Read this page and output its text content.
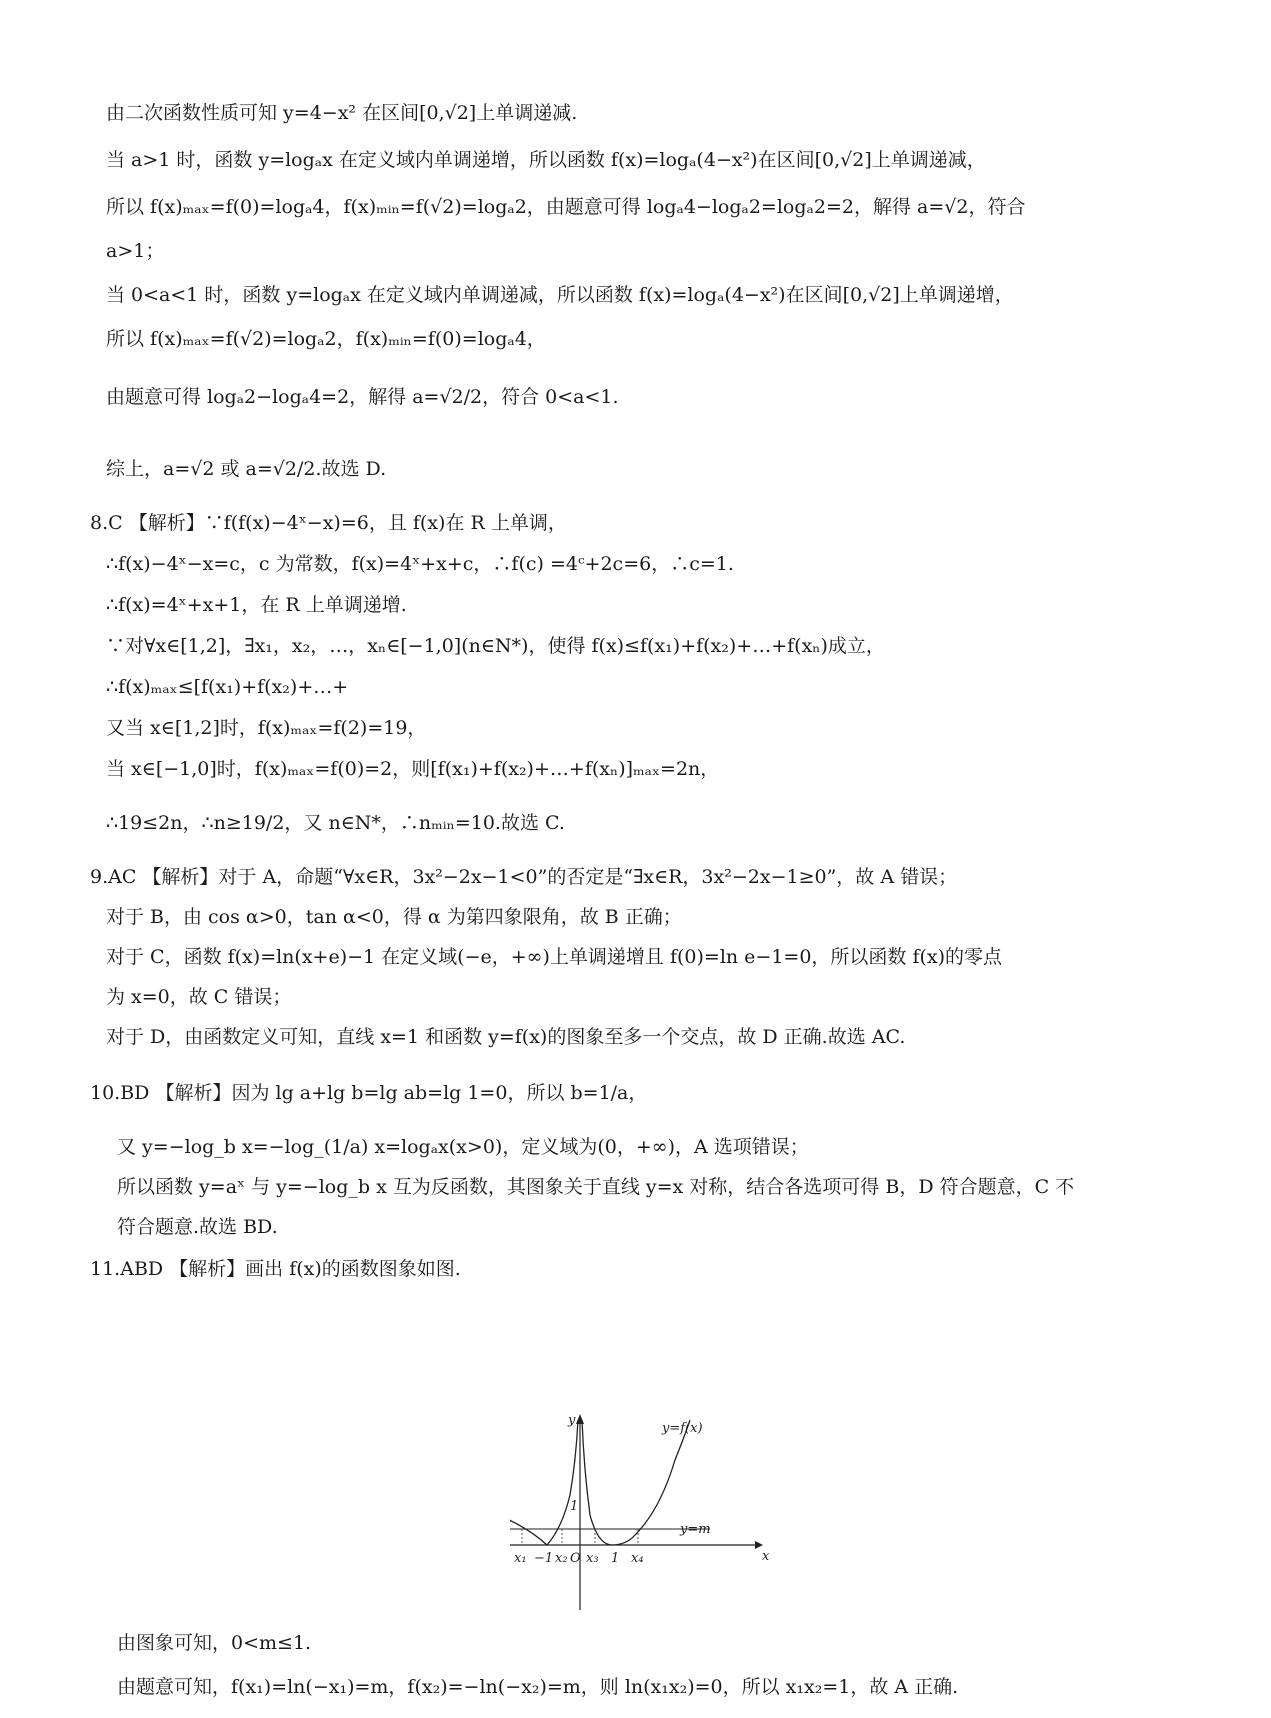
由二次函数性质可知 y=4−x² 在区间[0,√2]上单调递减.
当 a>1 时，函数 y=logₐx 在定义域内单调递增，所以函数 f(x)=logₐ(4−x²)在区间[0,√2]上单调递减，
所以 f(x)ₘₐₓ=f(0)=logₐ4，f(x)ₘᵢₙ=f(√2)=logₐ2，由题意可得 logₐ4−logₐ2=logₐ2=2，解得 a=√2，符合
a>1；
当 0<a<1 时，函数 y=logₐx 在定义域内单调递减，所以函数 f(x)=logₐ(4−x²)在区间[0,√2]上单调递增，
所以 f(x)ₘₐₓ=f(√2)=logₐ2，f(x)ₘᵢₙ=f(0)=logₐ4，
由题意可得 logₐ2−logₐ4=2，解得 a=√2/2，符合 0<a<1.
综上，a=√2 或 a=√2/2.故选 D.
8.C 【解析】∵f(f(x)−4ˣ−x)=6，且 f(x)在 R 上单调，
∴f(x)−4ˣ−x=c，c 为常数，f(x)=4ˣ+x+c，∴f(c) =4ᶜ+2c=6，∴c=1.
∴f(x)=4ˣ+x+1，在 R 上单调递增.
∵对∀x∈[1,2]，∃x₁，x₂，…，xₙ∈[−1,0](n∈N*)，使得 f(x)≤f(x₁)+f(x₂)+…+f(xₙ)成立，
∴f(x)ₘₐₓ≤[f(x₁)+f(x₂)+…+
又当 x∈[1,2]时，f(x)ₘₐₓ=f(2)=19，
当 x∈[−1,0]时，f(x)ₘₐₓ=f(0)=2，则[f(x₁)+f(x₂)+…+f(xₙ)]ₘₐₓ=2n，
∴19≤2n，∴n≥19/2，又 n∈N*，∴nₘᵢₙ=10.故选 C.
9.AC 【解析】对于 A，命题“∀x∈R，3x²−2x−1<0”的否定是“∃x∈R，3x²−2x−1≥0”，故 A 错误；
对于 B，由 cos α>0，tan α<0，得 α 为第四象限角，故 B 正确；
对于 C，函数 f(x)=ln(x+e)−1 在定义域(−e，+∞)上单调递增且 f(0)=ln e−1=0，所以函数 f(x)的零点
为 x=0，故 C 错误；
对于 D，由函数定义可知，直线 x=1 和函数 y=f(x)的图象至多一个交点，故 D 正确.故选 AC.
10.BD 【解析】因为 lg a+lg b=lg ab=lg 1=0，所以 b=1/a，
又 y=−log_b x=−log_(1/a) x=logₐx(x>0)，定义域为(0，+∞)，A 选项错误；
所以函数 y=aˣ 与 y=−log_b x 互为反函数，其图象关于直线 y=x 对称，结合各选项可得 B，D 符合题意，C 不
符合题意.故选 BD.
11.ABD 【解析】画出 f(x)的函数图象如图.
y
y=f(x)
y=m
1
x
x₁ −1 x₂ O x₃ 1 x₄
由图象可知，0<m≤1.
由题意可知，f(x₁)=ln(−x₁)=m，f(x₂)=−ln(−x₂)=m，则 ln(x₁x₂)=0，所以 x₁x₂=1，故 A 正确.
